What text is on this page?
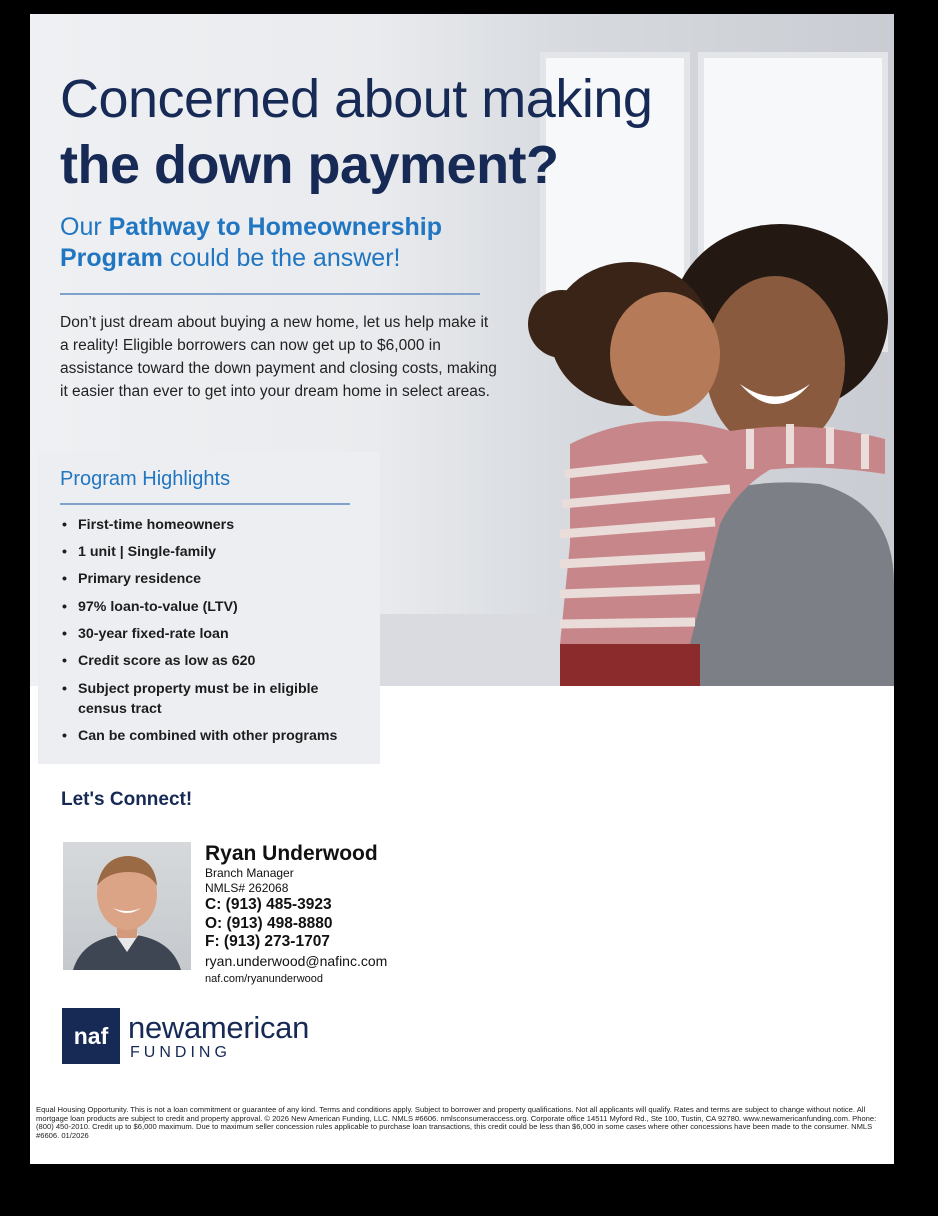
Concerned about making
the down payment?
Our Pathway to Homeownership
Program could be the answer!

Don’t just dream about buying a new home, let us help make it a reality! Eligible borrowers can now get up to $6,000 in assistance toward the down payment and closing costs, making it easier than ever to get into your dream home in select areas.

Program Highlights
• First-time homeowners
• 1 unit | Single-family
• Primary residence
• 97% loan-to-value (LTV)
• 30-year fixed-rate loan
• Credit score as low as 620
• Subject property must be in eligible census tract
• Can be combined with other programs
Let's Connect!
Ryan Underwood
Branch Manager
NMLS# 262068
C: (913) 485-3923
O: (913) 498-8880
F: (913) 273-1707
ryan.underwood@nafinc.com
naf.com/ryanunderwood
naf newamerican
FUNDING

Equal Housing Opportunity. This is not a loan commitment or guarantee of any kind. Terms and conditions apply. Subject to borrower and property qualifications. Not all applicants will qualify. Rates and terms are subject to change without notice. All mortgage loan products are subject to credit and property approval. © 2026 New American Funding, LLC. NMLS #6606. nmlsconsumeraccess.org. Corporate office 14511 Myford Rd., Ste 100, Tustin, CA 92780. www.newamericanfunding.com. Phone: (800) 450-2010. Credit up to $6,000 maximum. Due to maximum seller concession rules applicable to purchase loan transactions, this credit could be less than $6,000 in some cases where other concessions have been made to the consumer. NMLS #6606. 01/2026
